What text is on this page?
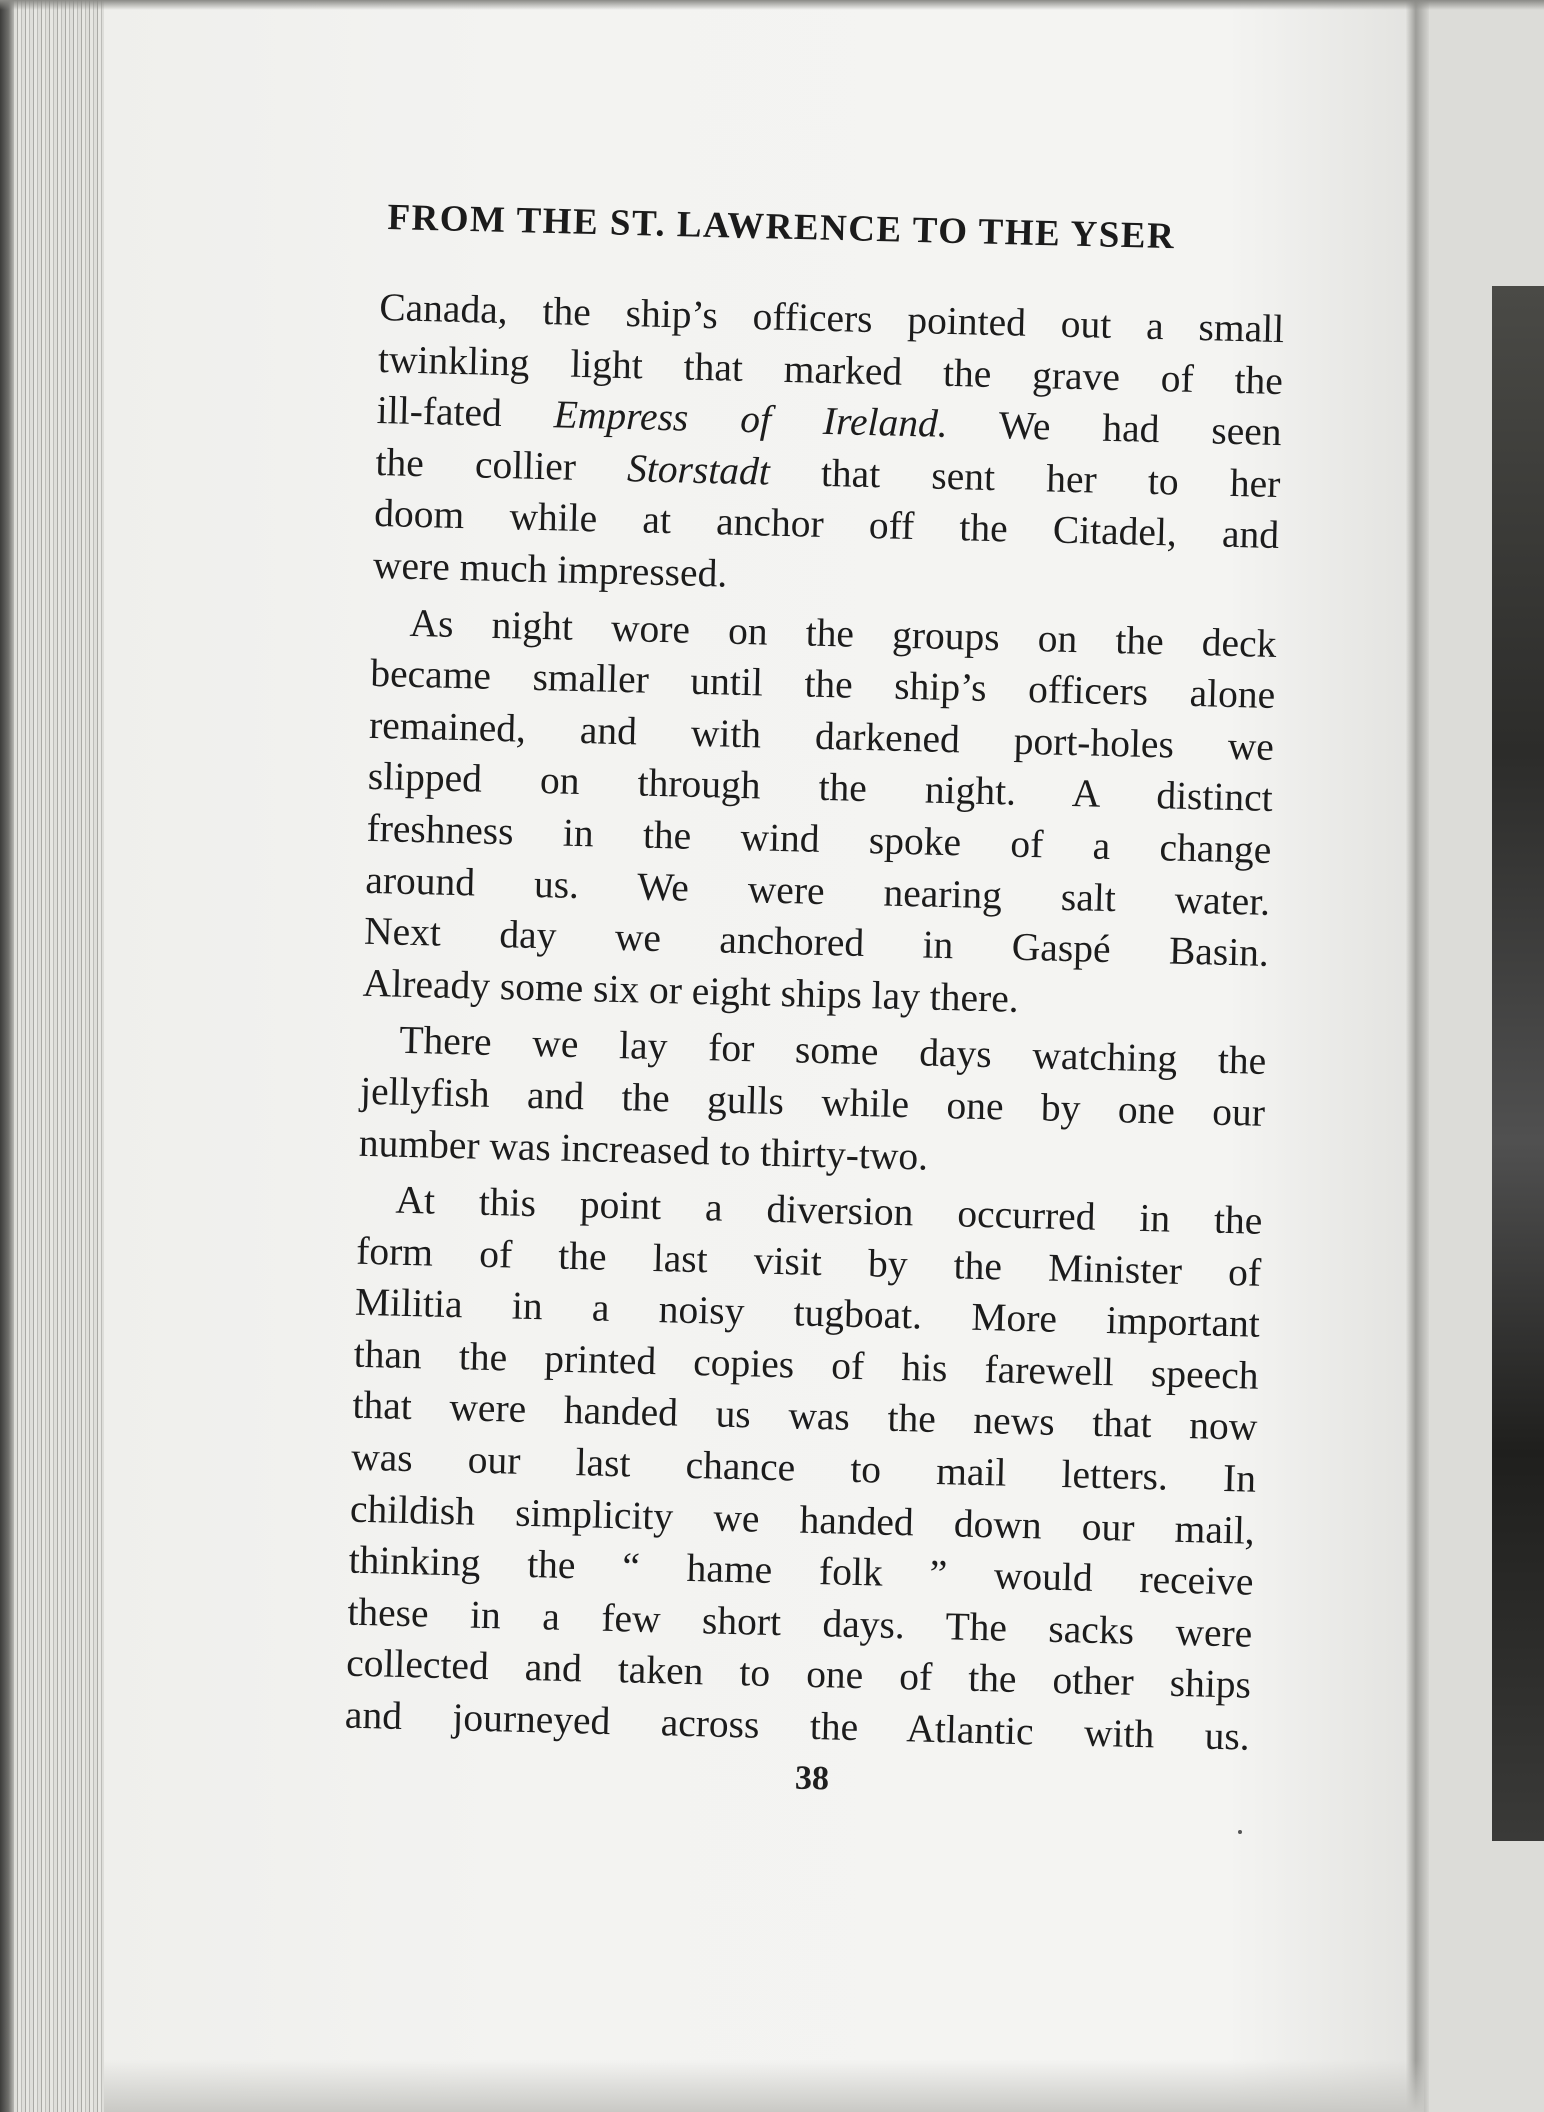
FROM THE ST. LAWRENCE TO THE YSER
Canada, the ship’s officers pointed out a small
twinkling light that marked the grave of the
ill-fated Empress of Ireland. We had seen
the collier Storstadt that sent her to her
doom while at anchor off the Citadel, and
were much impressed.
As night wore on the groups on the deck
became smaller until the ship’s officers alone
remained, and with darkened port-holes we
slipped on through the night. A distinct
freshness in the wind spoke of a change
around us. We were nearing salt water.
Next day we anchored in Gaspé Basin.
Already some six or eight ships lay there.
There we lay for some days watching the
jellyfish and the gulls while one by one our
number was increased to thirty-two.
At this point a diversion occurred in the
form of the last visit by the Minister of
Militia in a noisy tugboat. More important
than the printed copies of his farewell speech
that were handed us was the news that now
was our last chance to mail letters. In
childish simplicity we handed down our mail,
thinking the “ hame folk ” would receive
these in a few short days. The sacks were
collected and taken to one of the other ships
and journeyed across the Atlantic with us.
38
